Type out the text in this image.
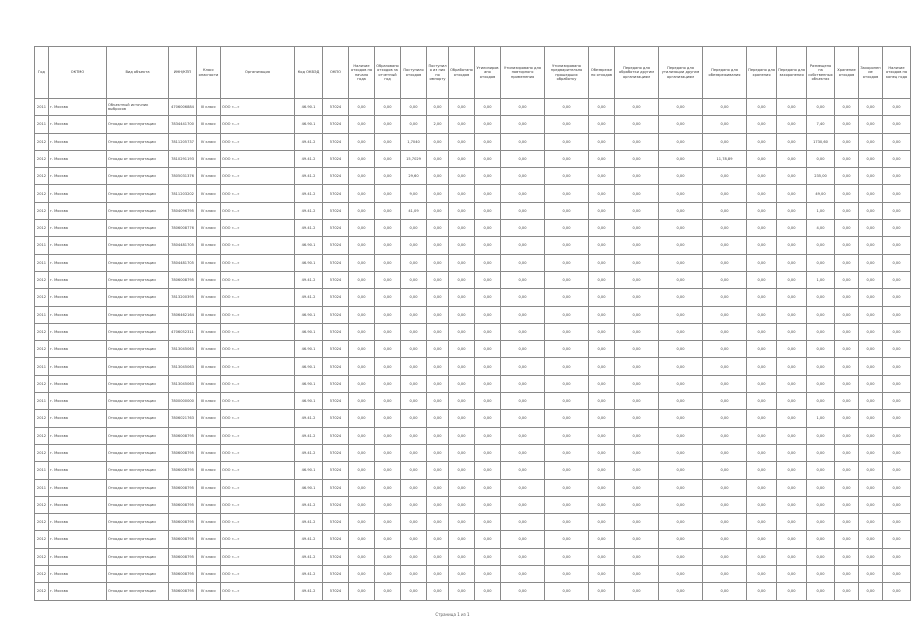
Год	ОКТМО	Вид объекта	ИНН/КПП	Класс опасности	Организация	Код ОКВЭД	ОКПО	Наличие отходов на начало года	Образовано отходов за отчетный год	Поступило отходов	Поступило из них по импорту	Обработано отходов	Утилизировано отходов	Утилизировано для повторного применения	Утилизировано предварительно прошедших обработку	Обезврежено отходов	Передано для обработки другим организациям	Передано для утилизации другим организациям	Передано для обезвреживания	Передано для хранения	Передано для захоронения	Размещено на собственных объектах	Хранение отходов	Захоронение отходов	Наличие отходов на конец года
2011	г. Москва	Объектный источник выбросов	4706006884	III класс	ООО «...»	46.90.1	57024	0,00	0,00	0,00	0,00	0,00	0,00	0,00	0,00	0,00	0,00	0,00	0,00	0,00	0,00	0,00	0,00	0,00	0,00
2011	г. Москва	Отходы от эксплуатации	7834441700	III класс	ООО «...»	46.90.1	57024	0,00	0,00	0,00	2,00	0,00	0,00	0,00	0,00	0,00	0,00	0,00	0,00	0,00	0,00	7,40	0,00	0,00	0,00
2012	г. Москва	Отходы от эксплуатации	7811205737	IV класс	ООО «...»	49.41.2	57024	0,00	0,00	1,7040	0,00	0,00	0,00	0,00	0,00	0,00	0,00	0,00	0,00	0,00	0,00	1730,60	0,00	0,00	0,00
2012	г. Москва	Отходы от эксплуатации	7810291193	IV класс	ООО «...»	49.41.2	57024	0,00	0,00	15,7029	0,00	0,00	0,00	0,00	0,00	0,00	0,00	0,00	11,78,89	0,00	0,00	0,00	0,00	0,00	0,00
2012	г. Москва	Отходы от эксплуатации	7805031376	IV класс	ООО «...»	49.41.2	57024	0,00	0,00	29,60	0,00	0,00	0,00	0,00	0,00	0,00	0,00	0,00	0,00	0,00	0,00	235,00	0,00	0,00	0,00
2012	г. Москва	Отходы от эксплуатации	7811203202	IV класс	ООО «...»	49.41.2	57024	0,00	0,00	9,00	0,00	0,00	0,00	0,00	0,00	0,00	0,00	0,00	0,00	0,00	0,00	49,00	0,00	0,00	0,00
2012	г. Москва	Отходы от эксплуатации	7804096795	IV класс	ООО «...»	49.41.2	57024	0,00	0,00	41,09	0,00	0,00	0,00	0,00	0,00	0,00	0,00	0,00	0,00	0,00	0,00	1,00	0,00	0,00	0,00
2012	г. Москва	Отходы от эксплуатации	7806008776	IV класс	ООО «...»	49.41.2	57024	0,00	0,00	0,00	0,00	0,00	0,00	0,00	0,00	0,00	0,00	0,00	0,00	0,00	0,00	4,00	0,00	0,00	0,00
2011	г. Москва	Отходы от эксплуатации	7804481705	III класс	ООО «...»	46.90.1	57024	0,00	0,00	0,00	0,00	0,00	0,00	0,00	0,00	0,00	0,00	0,00	0,00	0,00	0,00	0,00	0,00	0,00	0,00
2011	г. Москва	Отходы от эксплуатации	7804481705	III класс	ООО «...»	46.90.1	57024	0,00	0,00	0,00	0,00	0,00	0,00	0,00	0,00	0,00	0,00	0,00	0,00	0,00	0,00	0,00	0,00	0,00	0,00
2012	г. Москва	Отходы от эксплуатации	7806008795	IV класс	ООО «...»	49.41.2	57024	0,00	0,00	0,00	0,00	0,00	0,00	0,00	0,00	0,00	0,00	0,00	0,00	0,00	0,00	1,00	0,00	0,00	0,00
2012	г. Москва	Отходы от эксплуатации	7813200395	IV класс	ООО «...»	49.41.2	57024	0,00	0,00	0,00	0,00	0,00	0,00	0,00	0,00	0,00	0,00	0,00	0,00	0,00	0,00	0,00	0,00	0,00	0,00
2011	г. Москва	Отходы от эксплуатации	7806462164	III класс	ООО «...»	46.90.1	57024	0,00	0,00	0,00	0,00	0,00	0,00	0,00	0,00	0,00	0,00	0,00	0,00	0,00	0,00	0,00	0,00	0,00	0,00
2012	г. Москва	Отходы от эксплуатации	4706052311	IV класс	ООО «...»	46.90.1	57024	0,00	0,00	0,00	0,00	0,00	0,00	0,00	0,00	0,00	0,00	0,00	0,00	0,00	0,00	0,00	0,00	0,00	0,00
2012	г. Москва	Отходы от эксплуатации	7813045063	IV класс	ООО «...»	46.90.1	57024	0,00	0,00	0,00	0,00	0,00	0,00	0,00	0,00	0,00	0,00	0,00	0,00	0,00	0,00	0,00	0,00	0,00	0,00
2011	г. Москва	Отходы от эксплуатации	7813045063	III класс	ООО «...»	46.90.1	57024	0,00	0,00	0,00	0,00	0,00	0,00	0,00	0,00	0,00	0,00	0,00	0,00	0,00	0,00	0,00	0,00	0,00	0,00
2012	г. Москва	Отходы от эксплуатации	7813045063	IV класс	ООО «...»	46.90.1	57024	0,00	0,00	0,00	0,00	0,00	0,00	0,00	0,00	0,00	0,00	0,00	0,00	0,00	0,00	0,00	0,00	0,00	0,00
2011	г. Москва	Отходы от эксплуатации	7800000000	III класс	ООО «...»	46.90.1	57024	0,00	0,00	0,00	0,00	0,00	0,00	0,00	0,00	0,00	0,00	0,00	0,00	0,00	0,00	0,00	0,00	0,00	0,00
2012	г. Москва	Отходы от эксплуатации	7806021763	IV класс	ООО «...»	49.41.2	57024	0,00	0,00	0,00	0,00	0,00	0,00	0,00	0,00	0,00	0,00	0,00	0,00	0,00	0,00	1,00	0,00	0,00	0,00
2012	г. Москва	Отходы от эксплуатации	7806008795	IV класс	ООО «...»	49.41.2	57024	0,00	0,00	0,00	0,00	0,00	0,00	0,00	0,00	0,00	0,00	0,00	0,00	0,00	0,00	0,00	0,00	0,00	0,00
2012	г. Москва	Отходы от эксплуатации	7806008795	IV класс	ООО «...»	49.41.2	57024	0,00	0,00	0,00	0,00	0,00	0,00	0,00	0,00	0,00	0,00	0,00	0,00	0,00	0,00	0,00	0,00	0,00	0,00
2011	г. Москва	Отходы от эксплуатации	7806008795	III класс	ООО «...»	46.90.1	57024	0,00	0,00	0,00	0,00	0,00	0,00	0,00	0,00	0,00	0,00	0,00	0,00	0,00	0,00	0,00	0,00	0,00	0,00
2011	г. Москва	Отходы от эксплуатации	7806008795	III класс	ООО «...»	46.90.1	57024	0,00	0,00	0,00	0,00	0,00	0,00	0,00	0,00	0,00	0,00	0,00	0,00	0,00	0,00	0,00	0,00	0,00	0,00
2012	г. Москва	Отходы от эксплуатации	7806008795	IV класс	ООО «...»	49.41.2	57024	0,00	0,00	0,00	0,00	0,00	0,00	0,00	0,00	0,00	0,00	0,00	0,00	0,00	0,00	0,00	0,00	0,00	0,00
2012	г. Москва	Отходы от эксплуатации	7806008795	IV класс	ООО «...»	49.41.2	57024	0,00	0,00	0,00	0,00	0,00	0,00	0,00	0,00	0,00	0,00	0,00	0,00	0,00	0,00	0,00	0,00	0,00	0,00
2012	г. Москва	Отходы от эксплуатации	7806008795	IV класс	ООО «...»	49.41.2	57024	0,00	0,00	0,00	0,00	0,00	0,00	0,00	0,00	0,00	0,00	0,00	0,00	0,00	0,00	0,00	0,00	0,00	0,00
2012	г. Москва	Отходы от эксплуатации	7806008795	IV класс	ООО «...»	49.41.2	57024	0,00	0,00	0,00	0,00	0,00	0,00	0,00	0,00	0,00	0,00	0,00	0,00	0,00	0,00	0,00	0,00	0,00	0,00
2012	г. Москва	Отходы от эксплуатации	7806008795	IV класс	ООО «...»	49.41.2	57024	0,00	0,00	0,00	0,00	0,00	0,00	0,00	0,00	0,00	0,00	0,00	0,00	0,00	0,00	0,00	0,00	0,00	0,00
2012	г. Москва	Отходы от эксплуатации	7806008795	IV класс	ООО «...»	49.41.2	57024	0,00	0,00	0,00	0,00	0,00	0,00	0,00	0,00	0,00	0,00	0,00	0,00	0,00	0,00	0,00	0,00	0,00	0,00
Страница 1 из 1
